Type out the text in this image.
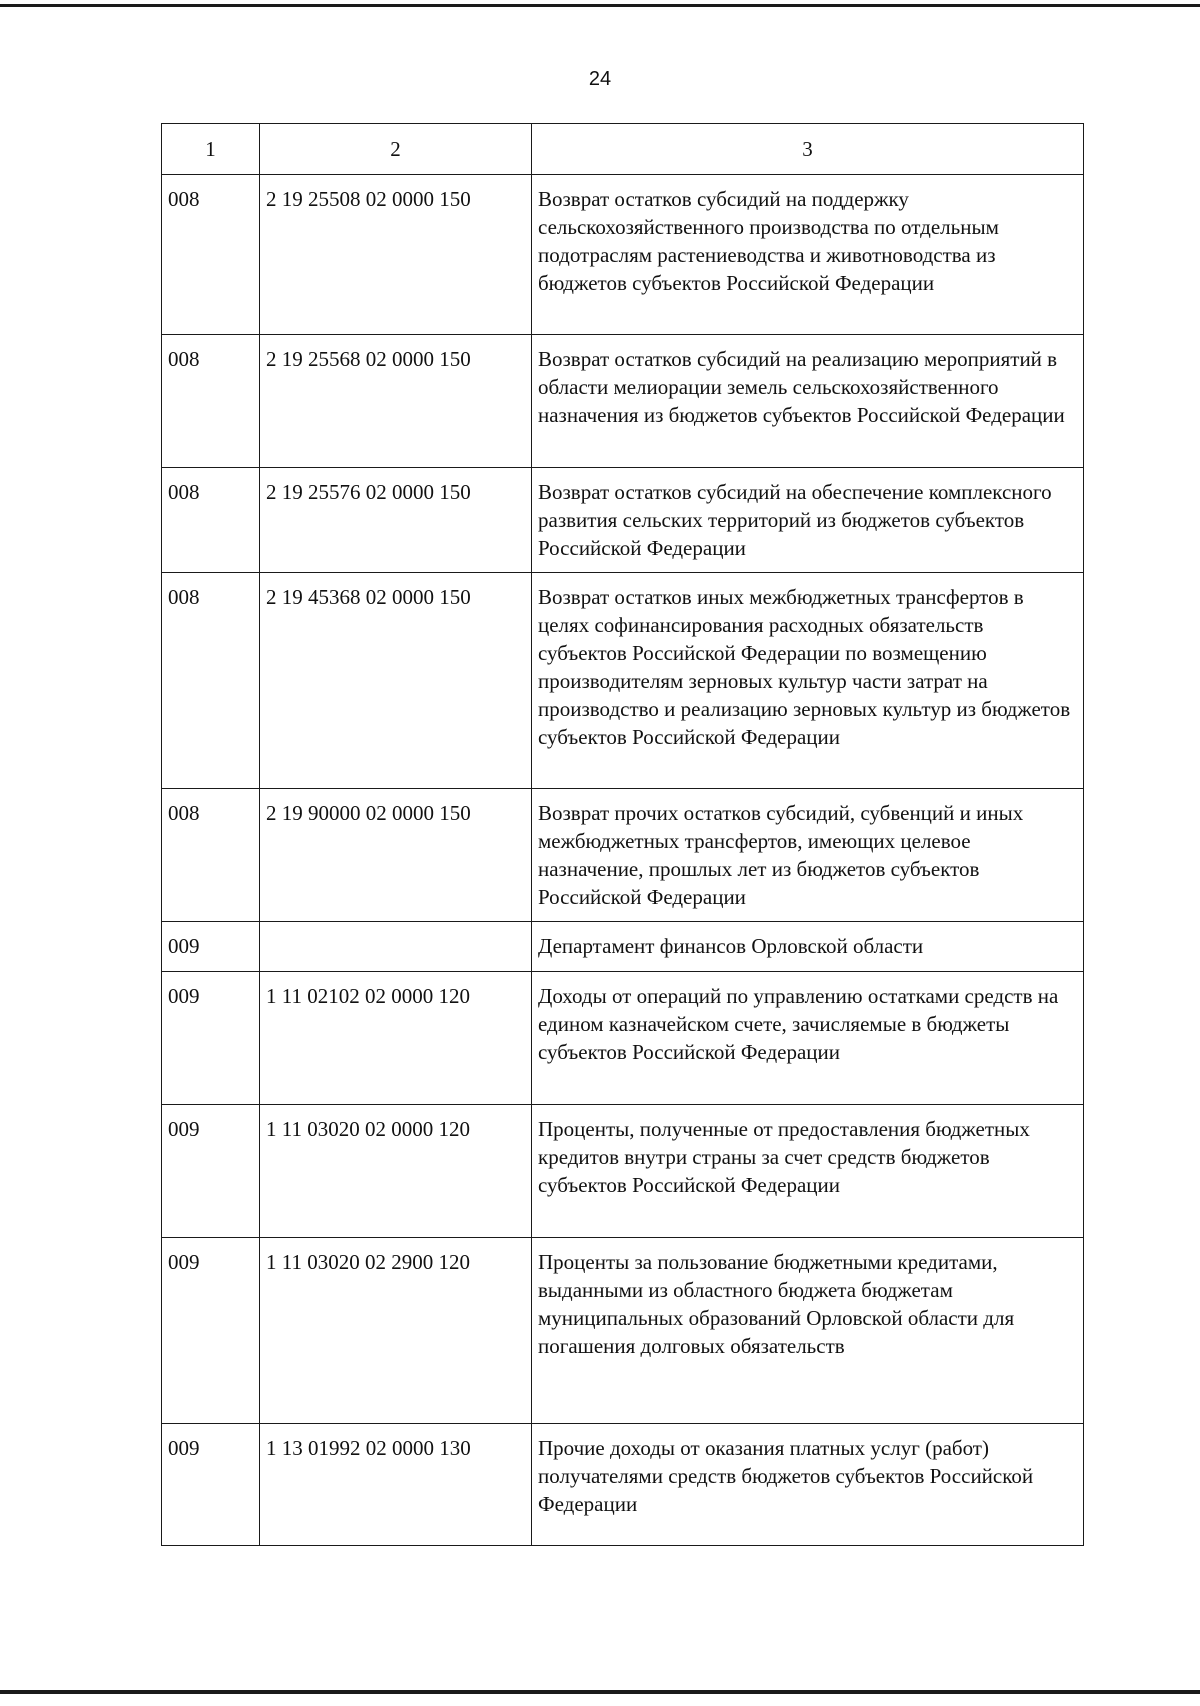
24
1	2	3

008	2 19 25508 02 0000 150	Возврат остатков субсидий на поддержку сельскохозяйственного производства по отдельным подотраслям растениеводства и животноводства из бюджетов субъектов Российской Федерации

008	2 19 25568 02 0000 150	Возврат остатков субсидий на реализацию мероприятий в области мелиорации земель сельскохозяйственного назначения из бюджетов субъектов Российской Федерации

008	2 19 25576 02 0000 150	Возврат остатков субсидий на обеспечение комплексного развития сельских территорий из бюджетов субъектов Российской Федерации

008	2 19 45368 02 0000 150	Возврат остатков иных межбюджетных трансфертов в целях софинансирования расходных обязательств субъектов Российской Федерации по возмещению производителям зерновых культур части затрат на производство и реализацию зерновых культур из бюджетов субъектов Российской Федерации

008	2 19 90000 02 0000 150	Возврат прочих остатков субсидий, субвенций и иных межбюджетных трансфертов, имеющих целевое назначение, прошлых лет из бюджетов субъектов Российской Федерации

009		Департамент финансов Орловской области

009	1 11 02102 02 0000 120	Доходы от операций по управлению остатками средств на едином казначейском счете, зачисляемые в бюджеты субъектов Российской Федерации

009	1 11 03020 02 0000 120	Проценты, полученные от предоставления бюджетных кредитов внутри страны за счет средств бюджетов субъектов Российской Федерации

009	1 11 03020 02 2900 120	Проценты за пользование бюджетными кредитами, выданными из областного бюджета бюджетам муниципальных образований Орловской области для погашения долговых обязательств

009	1 13 01992 02 0000 130	Прочие доходы от оказания платных услуг (работ) получателями средств бюджетов субъектов Российской Федерации
